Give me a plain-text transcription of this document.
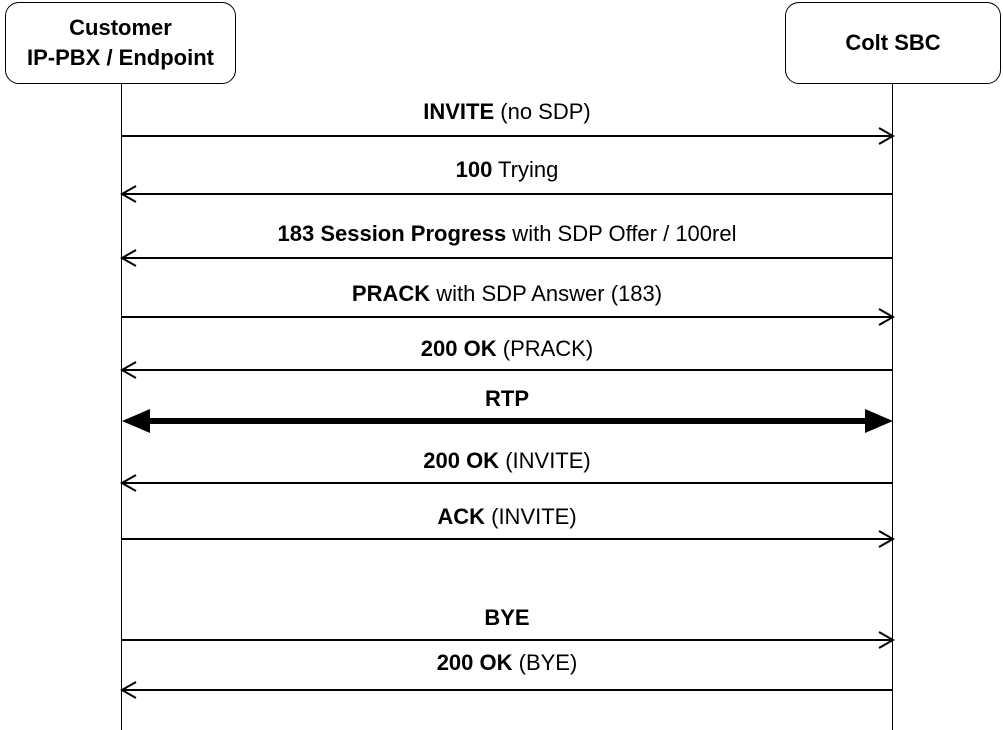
Customer
IP-PBX / Endpoint
Colt SBC
INVITE (no SDP)
100 Trying
183 Session Progress with SDP Offer / 100rel
PRACK with SDP Answer (183)
200 OK (PRACK)
RTP
200 OK (INVITE)
ACK (INVITE)
BYE
200 OK (BYE)
